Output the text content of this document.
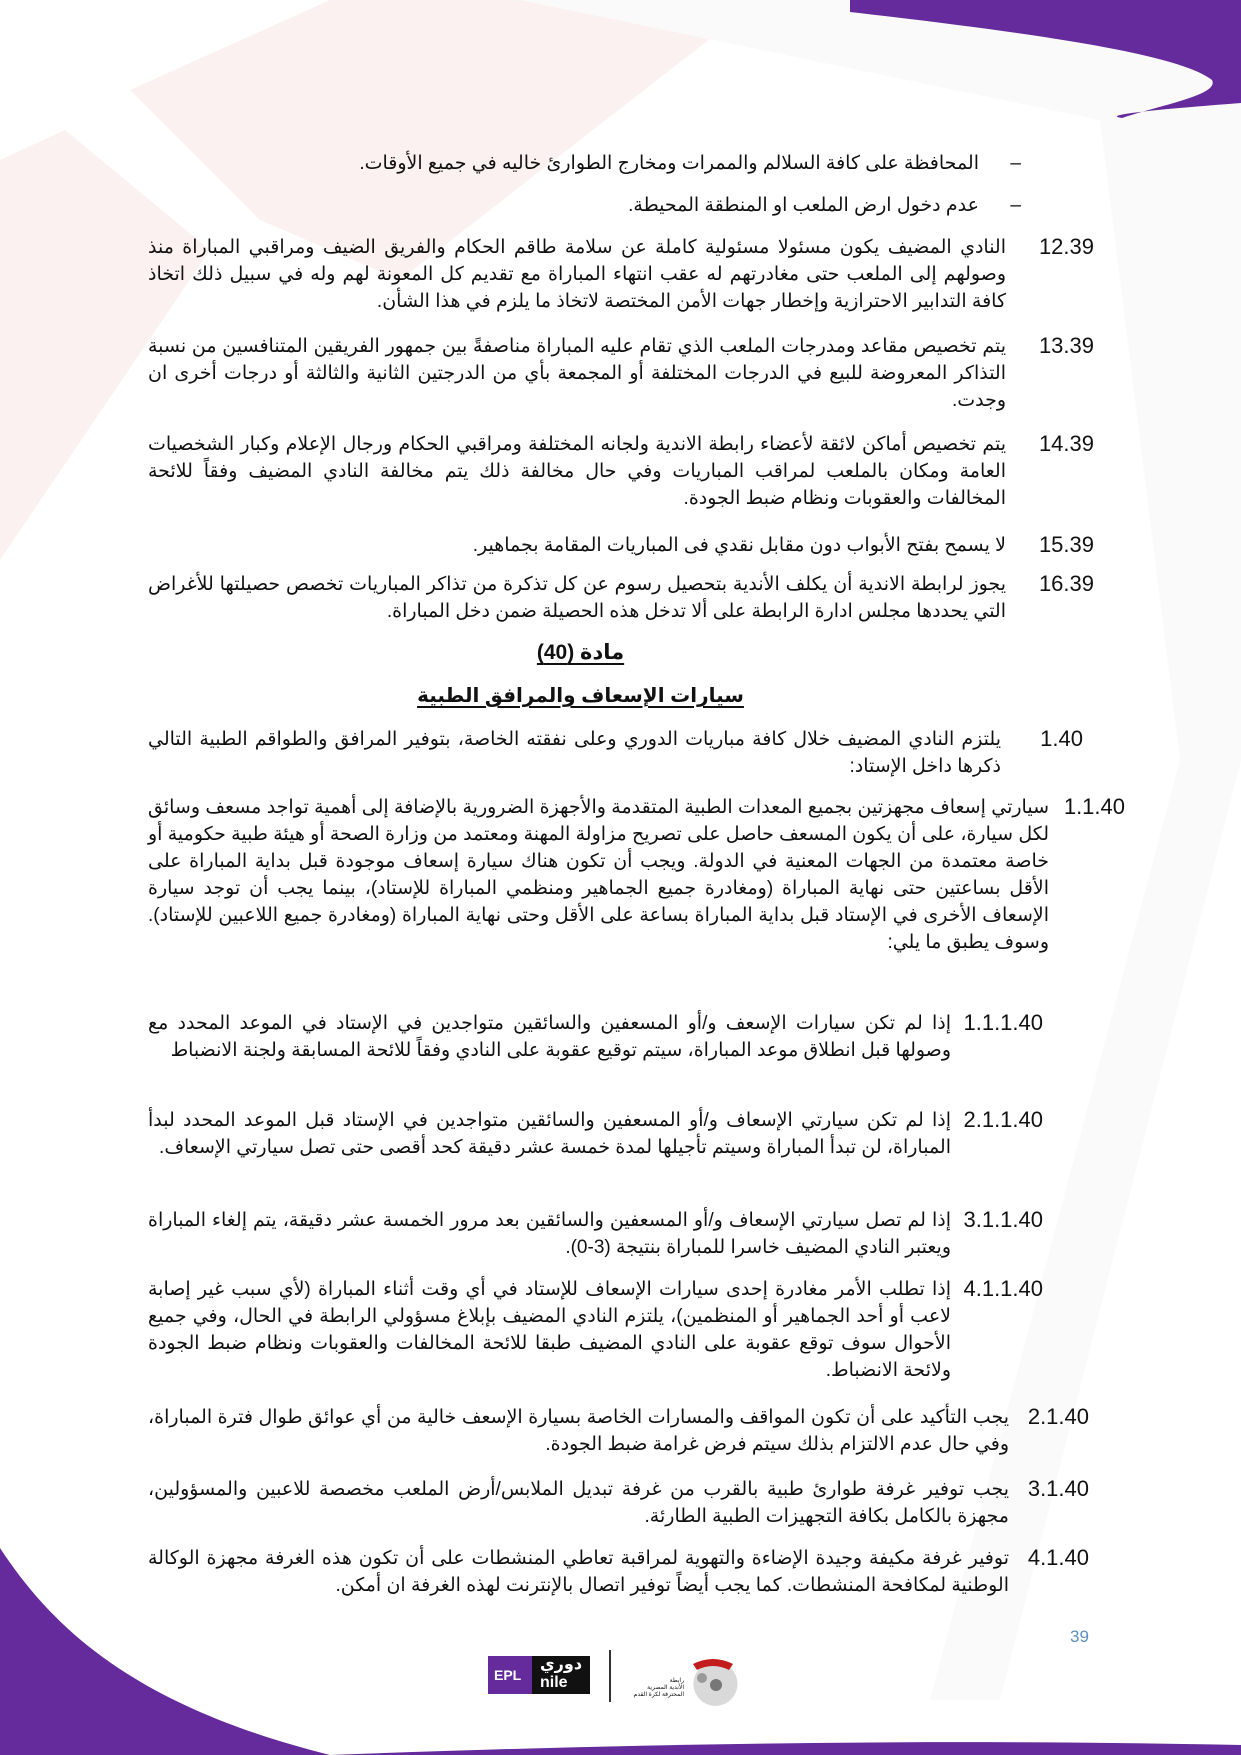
–
المحافظة على كافة السلالم والممرات ومخارج الطوارئ خاليه في جميع الأوقات.
–
عدم دخول ارض الملعب او المنطقة المحيطة.
12.39
النادي المضيف يكون مسئولا مسئولية كاملة عن سلامة طاقم الحكام والفريق الضيف ومراقبي المباراة منذ وصولهم إلى الملعب حتى مغادرتهم له عقب انتهاء المباراة مع تقديم كل المعونة لهم وله في سبيل ذلك اتخاذ كافة التدابير الاحترازية وإخطار جهات الأمن المختصة لاتخاذ ما يلزم في هذا الشأن.
13.39
يتم تخصيص مقاعد ومدرجات الملعب الذي تقام عليه المباراة مناصفةً بين جمهور الفريقين المتنافسين من نسبة التذاكر المعروضة للبيع في الدرجات المختلفة أو المجمعة بأي من الدرجتين الثانية والثالثة أو درجات أخرى ان وجدت.
14.39
يتم تخصيص أماكن لائقة لأعضاء رابطة الاندية ولجانه المختلفة ومراقبي الحكام ورجال الإعلام وكبار الشخصيات العامة ومكان بالملعب لمراقب المباريات وفي حال مخالفة ذلك يتم مخالفة النادي المضيف وفقاً للائحة المخالفات والعقوبات ونظام ضبط الجودة.
15.39
لا يسمح بفتح الأبواب دون مقابل نقدي فى المباريات المقامة بجماهير.
16.39
يجوز لرابطة الاندية أن يكلف الأندية بتحصيل رسوم عن كل تذكرة من تذاكر المباريات تخصص حصيلتها للأغراض التي يحددها مجلس ادارة الرابطة على ألا تدخل هذه الحصيلة ضمن دخل المباراة.
مادة (40)
سيارات الإسعاف والمرافق الطبية
1.40
يلتزم النادي المضيف خلال كافة مباريات الدوري وعلى نفقته الخاصة، بتوفير المرافق والطواقم الطبية التالي ذكرها داخل الإستاد:
1.1.40
سيارتي إسعاف مجهزتين بجميع المعدات الطبية المتقدمة والأجهزة الضرورية بالإضافة إلى أهمية تواجد مسعف وسائق لكل سيارة، على أن يكون المسعف حاصل على تصريح مزاولة المهنة ومعتمد من وزارة الصحة أو هيئة طبية حكومية أو خاصة معتمدة من الجهات المعنية في الدولة. ويجب أن تكون هناك سيارة إسعاف موجودة قبل بداية المباراة على الأقل بساعتين حتى نهاية المباراة (ومغادرة جميع الجماهير ومنظمي المباراة للإستاد)، بينما يجب أن توجد سيارة الإسعاف الأخرى في الإستاد قبل بداية المباراة بساعة على الأقل وحتى نهاية المباراة (ومغادرة جميع اللاعبين للإستاد). وسوف يطبق ما يلي:
1.1.1.40
إذا لم تكن سيارات الإسعف و/أو المسعفين والسائقين متواجدين في الإستاد في الموعد المحدد مع وصولها قبل انطلاق موعد المباراة، سيتم توقيع عقوبة على النادي وفقاً للائحة المسابقة ولجنة الانضباط
2.1.1.40
إذا لم تكن سيارتي الإسعاف و/أو المسعفين والسائقين متواجدين في الإستاد قبل الموعد المحدد لبدأ المباراة، لن تبدأ المباراة وسيتم تأجيلها لمدة خمسة عشر دقيقة كحد أقصى حتى تصل سيارتي الإسعاف.
3.1.1.40
إذا لم تصل سيارتي الإسعاف و/أو المسعفين والسائقين بعد مرور الخمسة عشر دقيقة، يتم إلغاء المباراة ويعتبر النادي المضيف خاسرا للمباراة بنتيجة (3-0).
4.1.1.40
إذا تطلب الأمر مغادرة إحدى سيارات الإسعاف للإستاد في أي وقت أثناء المباراة (لأي سبب غير إصابة لاعب أو أحد الجماهير أو المنظمين)، يلتزم النادي المضيف بإبلاغ مسؤولي الرابطة في الحال، وفي جميع الأحوال سوف توقع عقوبة على النادي المضيف طبقا للائحة المخالفات والعقوبات ونظام ضبط الجودة ولائحة الانضباط.
2.1.40
يجب التأكيد على أن تكون المواقف والمسارات الخاصة بسيارة الإسعف خالية من أي عوائق طوال فترة المباراة، وفي حال عدم الالتزام بذلك سيتم فرض غرامة ضبط الجودة.
3.1.40
يجب توفير غرفة طوارئ طبية بالقرب من غرفة تبديل الملابس/أرض الملعب مخصصة للاعبين والمسؤولين، مجهزة بالكامل بكافة التجهيزات الطبية الطارئة.
4.1.40
توفير غرفة مكيفة وجيدة الإضاءة والتهوية لمراقبة تعاطي المنشطات على أن تكون هذه الغرفة مجهزة الوكالة الوطنية لمكافحة المنشطات. كما يجب أيضاً توفير اتصال بالإنترنت لهذه الغرفة ان أمكن.
39
EPL
دوري
nile	رابطة
الأندية المصرية
المحترفة لكرة القدم
